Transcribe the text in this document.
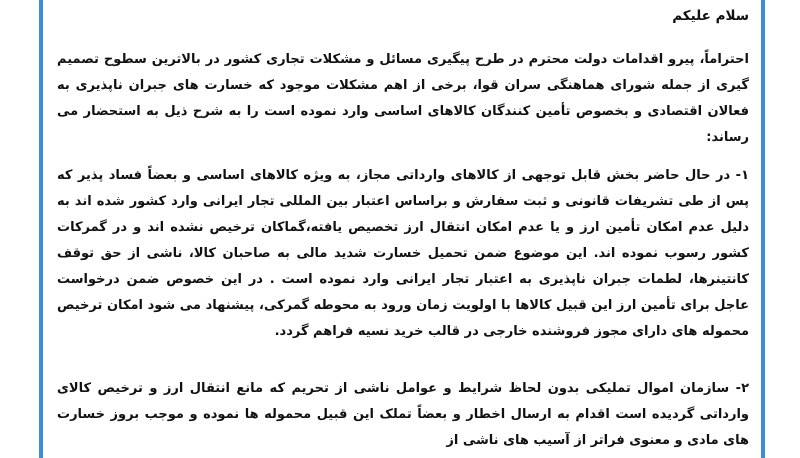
سلام علیکم

احتراماً، پیرو اقدامات دولت محترم در طرح پیگیری مسائل و مشکلات تجاری کشور در بالاترین سطوح تصمیم گیری از جمله شورای هماهنگی سران قوا، برخی از اهم مشکلات موجود که خسارت های جبران ناپذیری به فعالان اقتصادی و بخصوص تأمین کنندگان کالاهای اساسی وارد نموده است را به شرح ذیل به استحضار می رساند:

۱- در حال حاضر بخش قابل توجهی از کالاهای وارداتی مجاز، به ویژه کالاهای اساسی و بعضاً فساد پذیر که پس از طی تشریفات قانونی و ثبت سفارش و براساس اعتبار بین المللی تجار ایرانی وارد کشور شده اند به دلیل عدم امکان تأمین ارز و یا عدم امکان انتقال ارز تخصیص یافته،گماکان ترخیص نشده اند و در گمرکات کشور رسوب نموده اند. این موضوع ضمن تحمیل خسارت شدید مالی به صاحبان کالا، ناشی از حق توقف کانتینرها، لطمات جبران ناپذیری به اعتبار تجار ایرانی وارد نموده است . در این خصوص ضمن درخواست عاجل برای تأمین ارز این قبیل کالاها با اولویت زمان ورود به محوطه گمرکی، پیشنهاد می شود امکان ترخیص محموله های دارای مجوز فروشنده خارجی در قالب خرید نسیه فراهم گردد.

۲- سازمان اموال تملیکی بدون لحاظ شرایط و عوامل ناشی از تحریم که مانع انتقال ارز و ترخیص کالای وارداتی گردیده است اقدام به ارسال اخطار و بعضاً تملک این قبیل محموله ها نموده و موجب بروز خسارت های مادی و معنوی فراتر از آسیب های ناشی از
